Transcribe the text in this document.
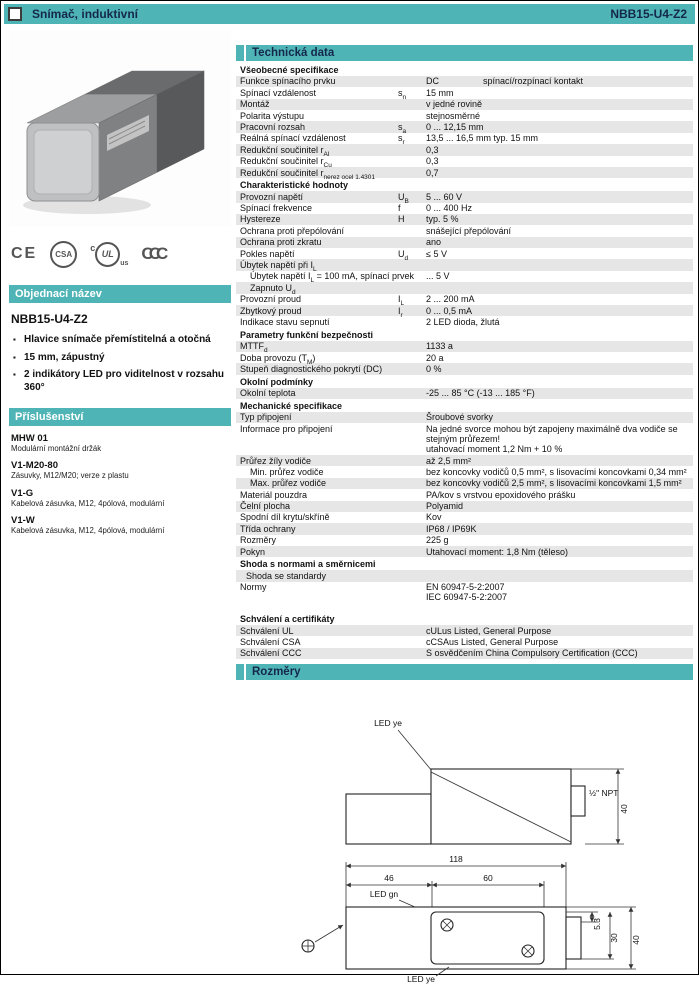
Snímač, induktivní	NBB15-U4-Z2
CE	CSA
c
UL
us CCC
Objednací název
NBB15-U4-Z2
▪ Hlavice snímače přemístitelná a otočná
▪ 15 mm, zápustný
▪ 2 indikátory LED pro viditelnost v rozsahu 360°
Příslušenství
MHW 01
Modulární montážní držák
V1-M20-80
Zásuvky, M12/M20; verze z plastu
V1-G
Kabelová zásuvka, M12, 4pólová, modulární
V1-W
Kabelová zásuvka, M12, 4pólová, modulární
Technická data
Všeobecné specifikace
Funkce spínacího prvku	DC	spínací/rozpínací kontakt
Spínací vzdálenost	$s_n$	15 mm
Montáž	v jedné rovině
Polarita výstupu	stejnosměrné
Pracovní rozsah	$s_a$	0 ... 12,15 mm
Reálná spínací vzdálenost	$s_r$	13,5 ... 16,5 mm typ. 15 mm
Redukční součinitel $r_{Al}$	0,3
Redukční součinitel $r_{Cu}$	0,3
Redukční součinitel $r_{nerez ocel 1.4301}$	0,7
Charakteristické hodnoty
Provozní napětí	$U_B$	5 ... 60 V
Spínací frekvence	f	0 ... 400 Hz
Hystereze	H	typ. 5 %
Ochrana proti přepólování	snášející přepólování
Ochrana proti zkratu	ano
Pokles napětí	$U_d$	≤ 5 V
Úbytek napětí při $I_L$
Úbytek napětí $I_L = 100$ mA, spínací prvek ... 5 V
Zapnuto $U_d$
Provozní proud	$I_L$	2 ... 200 mA
Zbytkový proud	$I_r$	0 ... 0,5 mA
Indikace stavu sepnutí	2 LED dioda, žlutá
Parametry funkční bezpečnosti
$MTTF_d$	1133 a
Doba provozu $(T_M)$	20 a
Stupeň diagnostického pokrytí (DC)	0 %
Okolní podmínky
Okolní teplota	-25 ... 85 °C (-13 ... 185 °F)
Mechanické specifikace
Typ připojení	Šroubové svorky
Informace pro připojení	Na jedné svorce mohou být zapojeny maximálně dva vodiče se
stejným průřezem!
utahovací moment 1,2 Nm + 10 %
Průřez žíly vodiče	až 2,5 mm²
Min. průřez vodiče	bez koncovky vodičů 0,5 mm², s lisovacími koncovkami 0,34 mm²
Max. průřez vodiče	bez koncovky vodičů 2,5 mm², s lisovacími koncovkami 1,5 mm²
Materiál pouzdra	PA/kov s vrstvou epoxidového prášku
Čelní plocha	Polyamid
Spodní díl krytu/skříně	Kov
Třída ochrany	IP68 / IP69K
Rozměry	225 g
Pokyn	Utahovací moment: 1,8 Nm (těleso)
Shoda s normami a směrnicemi
Shoda se standardy
Normy	EN 60947-5-2:2007
IEC 60947-5-2:2007
Schválení a certifikáty
Schválení UL	cULus Listed, General Purpose
Schválení CSA	cCSAus Listed, General Purpose
Schválení CCC	S osvědčením China Compulsory Certification (CCC)
Rozměry
LED ye
½" NPT
40
118
46	60
LED gn
5.3
30 40
LED ye
